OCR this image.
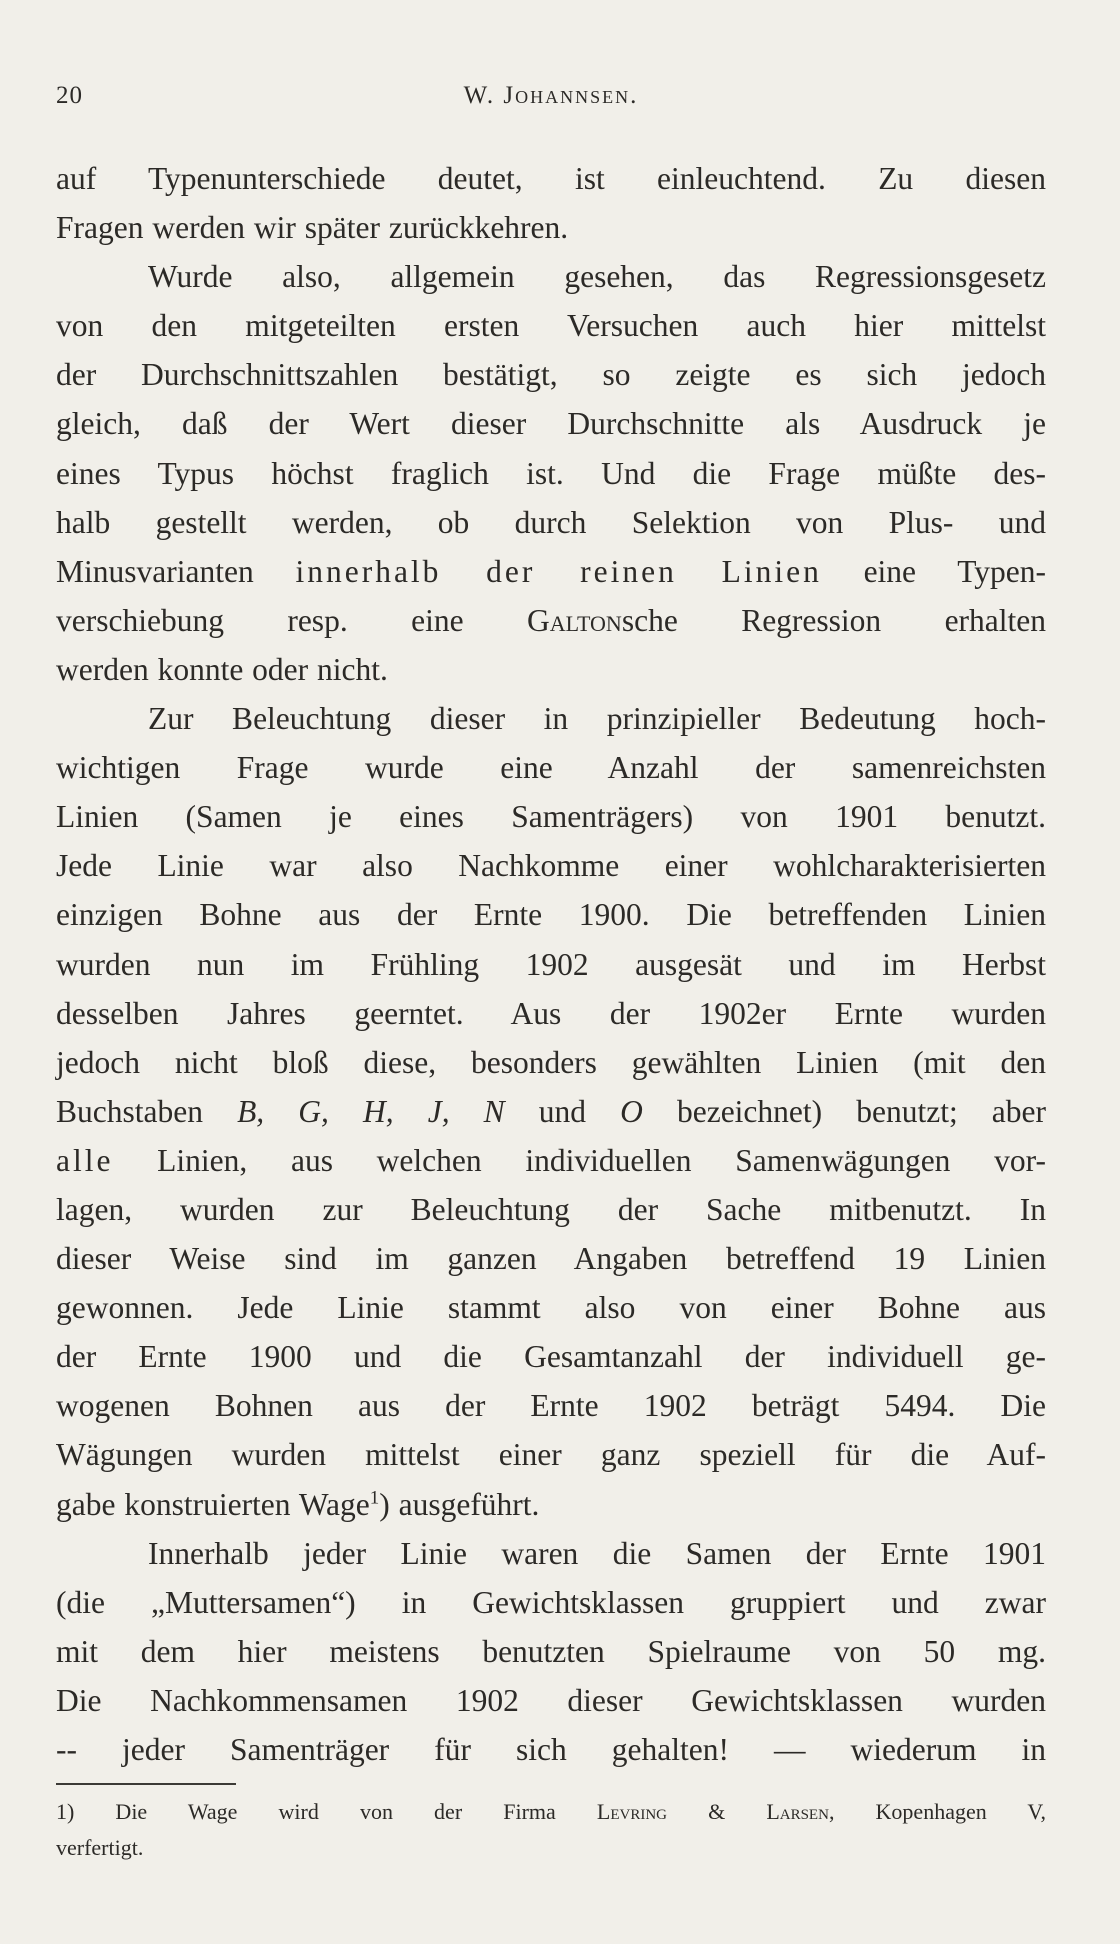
20	W. Johannsen.
auf Typenunterschiede deutet, ist einleuchtend. Zu diesen
Fragen werden wir später zurückkehren.
Wurde also, allgemein gesehen, das Regressionsgesetz
von den mitgeteilten ersten Versuchen auch hier mittelst
der Durchschnittszahlen bestätigt, so zeigte es sich jedoch
gleich, daß der Wert dieser Durchschnitte als Ausdruck je
eines Typus höchst fraglich ist. Und die Frage müßte des-
halb gestellt werden, ob durch Selektion von Plus- und
Minusvarianten innerhalb der reinen Linien eine Typen-
verschiebung resp. eine Galtonsche Regression erhalten
werden konnte oder nicht.
Zur Beleuchtung dieser in prinzipieller Bedeutung hoch-
wichtigen Frage wurde eine Anzahl der samenreichsten
Linien (Samen je eines Samenträgers) von 1901 benutzt.
Jede Linie war also Nachkomme einer wohlcharakterisierten
einzigen Bohne aus der Ernte 1900. Die betreffenden Linien
wurden nun im Frühling 1902 ausgesät und im Herbst
desselben Jahres geerntet. Aus der 1902er Ernte wurden
jedoch nicht bloß diese, besonders gewählten Linien (mit den
Buchstaben B, G, H, J, N und O bezeichnet) benutzt; aber
alle Linien, aus welchen individuellen Samenwägungen vor-
lagen, wurden zur Beleuchtung der Sache mitbenutzt. In
dieser Weise sind im ganzen Angaben betreffend 19 Linien
gewonnen. Jede Linie stammt also von einer Bohne aus
der Ernte 1900 und die Gesamtanzahl der individuell ge-
wogenen Bohnen aus der Ernte 1902 beträgt 5494. Die
Wägungen wurden mittelst einer ganz speziell für die Auf-
gabe konstruierten Wage$^1$) ausgeführt.
Innerhalb jeder Linie waren die Samen der Ernte 1901
(die „Muttersamen“) in Gewichtsklassen gruppiert und zwar
mit dem hier meistens benutzten Spielraume von 50 mg.
Die Nachkommensamen 1902 dieser Gewichtsklassen wurden
-- jeder Samenträger für sich gehalten! — wiederum in
1) Die Wage wird von der Firma Levring & Larsen, Kopenhagen V,
verfertigt.
